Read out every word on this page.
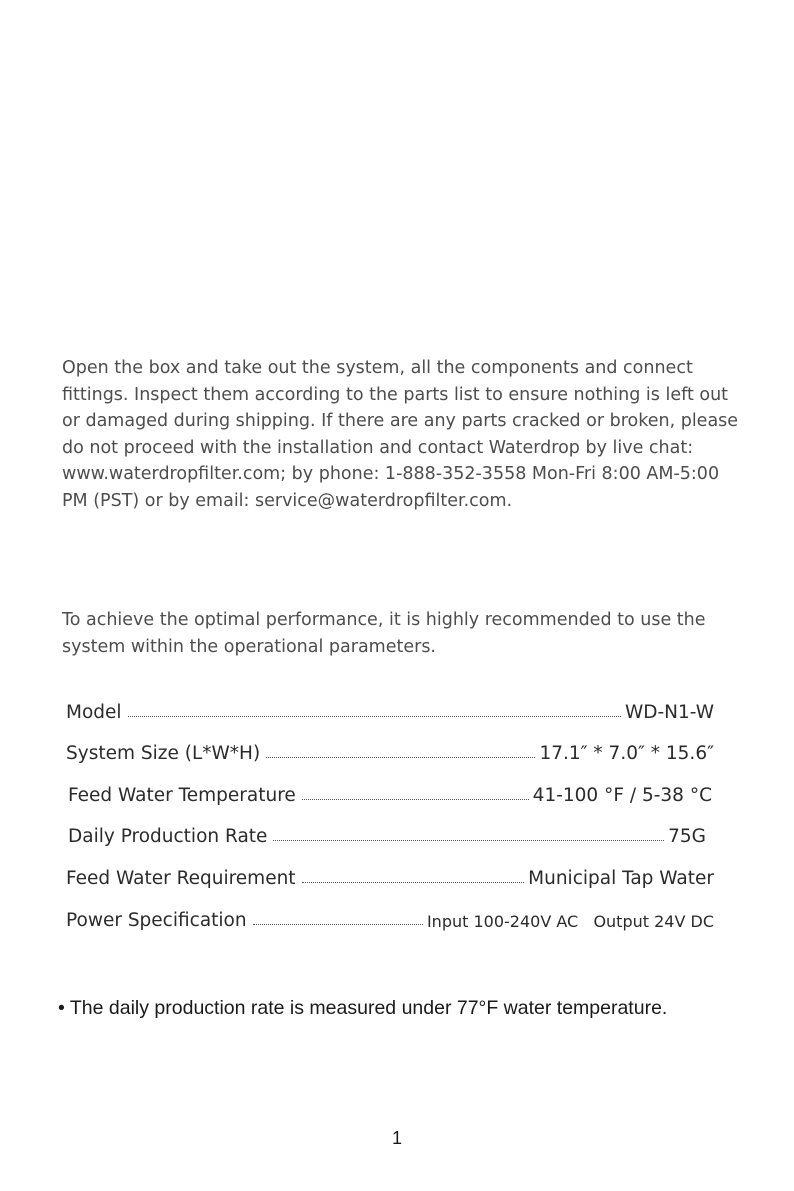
Open the box and take out the system, all the components and connect fittings. Inspect them according to the parts list to ensure nothing is left out or damaged during shipping. If there are any parts cracked or broken, please do not proceed with the installation and contact Waterdrop by live chat: www.waterdropfilter.com; by phone: 1-888-352-3558 Mon-Fri 8:00 AM-5:00 PM (PST) or by email: service@waterdropfilter.com.

To achieve the optimal performance, it is highly recommended to use the system within the operational parameters.

Model	WD-N1-W
System Size (L*W*H)	17.1″ * 7.0″ * 15.6″
Feed Water Temperature	41-100 °F / 5-38 °C
Daily Production Rate	75G
Feed Water Requirement	Municipal Tap Water
Power Specification	Input 100-240V AC   Output 24V DC
• The daily production rate is measured under 77°F water temperature.
1
